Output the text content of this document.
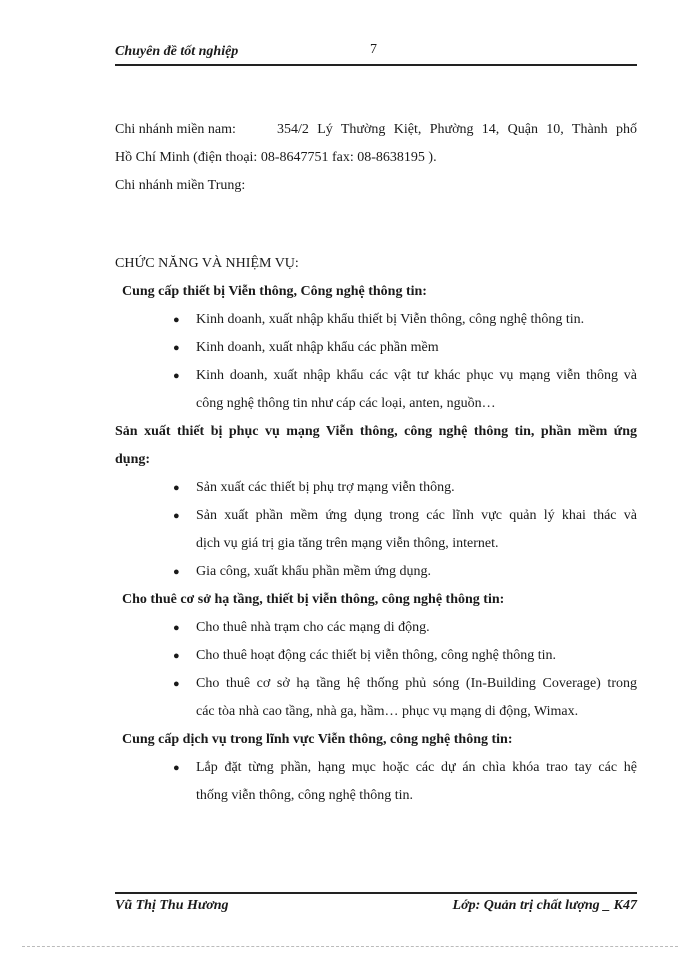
Chuyên đề tốt nghiệp	7
Chi nhánh miền nam:	354/2 Lý Thường Kiệt, Phường 14, Quận 10, Thành phố
Hồ Chí Minh (điện thoại: 08-8647751 fax: 08-8638195 ).
Chi nhánh miền Trung:
CHỨC NĂNG VÀ NHIỆM VỤ:
Cung cấp thiết bị Viễn thông, Công nghệ thông tin:
● Kinh doanh, xuất nhập khẩu thiết bị Viễn thông, công nghệ thông tin.
● Kinh doanh, xuất nhập khẩu các phần mềm
● Kinh doanh, xuất nhập khẩu các vật tư khác phục vụ mạng viễn thông và
công nghệ thông tin như cáp các loại, anten, nguồn…
Sản xuất thiết bị phục vụ mạng Viễn thông, công nghệ thông tin, phần mềm ứng
dụng:
● Sản xuất các thiết bị phụ trợ mạng viễn thông.
● Sản xuất phần mềm ứng dụng trong các lĩnh vực quản lý khai thác và
dịch vụ giá trị gia tăng trên mạng viễn thông, internet.
● Gia công, xuất khẩu phần mềm ứng dụng.
Cho thuê cơ sở hạ tầng, thiết bị viễn thông, công nghệ thông tin:
● Cho thuê nhà trạm cho các mạng di động.
● Cho thuê hoạt động các thiết bị viễn thông, công nghệ thông tin.
● Cho thuê cơ sở hạ tầng hệ thống phủ sóng (In-Building Coverage) trong
các tòa nhà cao tầng, nhà ga, hầm… phục vụ mạng di động, Wimax.
Cung cấp dịch vụ trong lĩnh vực Viễn thông, công nghệ thông tin:
● Lắp đặt từng phần, hạng mục hoặc các dự án chìa khóa trao tay các hệ
thống viễn thông, công nghệ thông tin.
Vũ Thị Thu Hương	Lớp: Quản trị chất lượng _ K47
